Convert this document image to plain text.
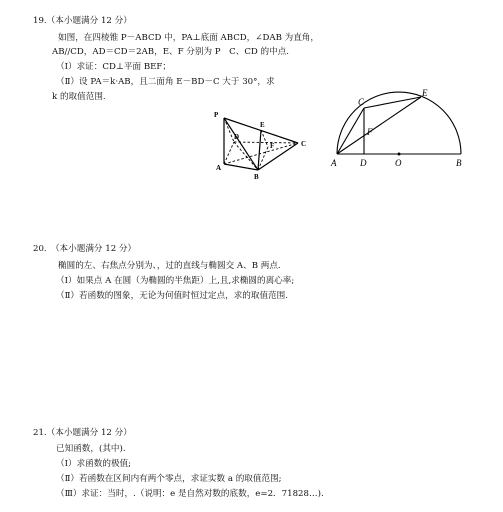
19.（本小题满分 12 分）
如图，在四棱锥 P－ABCD 中，PA⊥底面 ABCD，∠DAB 为直角，
AB//CD，AD＝CD＝2AB，E、F 分别为 P　C、CD 的中点.
（Ⅰ）求证：CD⊥平面 BEF；
（Ⅱ）设 PA＝k·AB，且二面角 E－BD－C 大于 30°，求
k 的取值范围.
P
E
D
F	C
A
B
C
E
F
A	D	O	B
20.　（本小题满分 12 分）
椭圆的左、右焦点分别为、，过的直线与椭圆交 A、B 两点.
（Ⅰ）如果点 A 在圆（为椭圆的半焦距）上,且,求椭圆的离心率;
（Ⅱ）若函数的图象，无论为何值时恒过定点，求的取值范围.
21.（本小题满分 12 分）
已知函数，(其中).
（Ⅰ）求函数的极值;
（Ⅱ）若函数在区间内有两个零点，求证实数 a 的取值范围;
（Ⅲ）求证：当时，.（说明：e 是自然对数的底数，e=2．71828…).
